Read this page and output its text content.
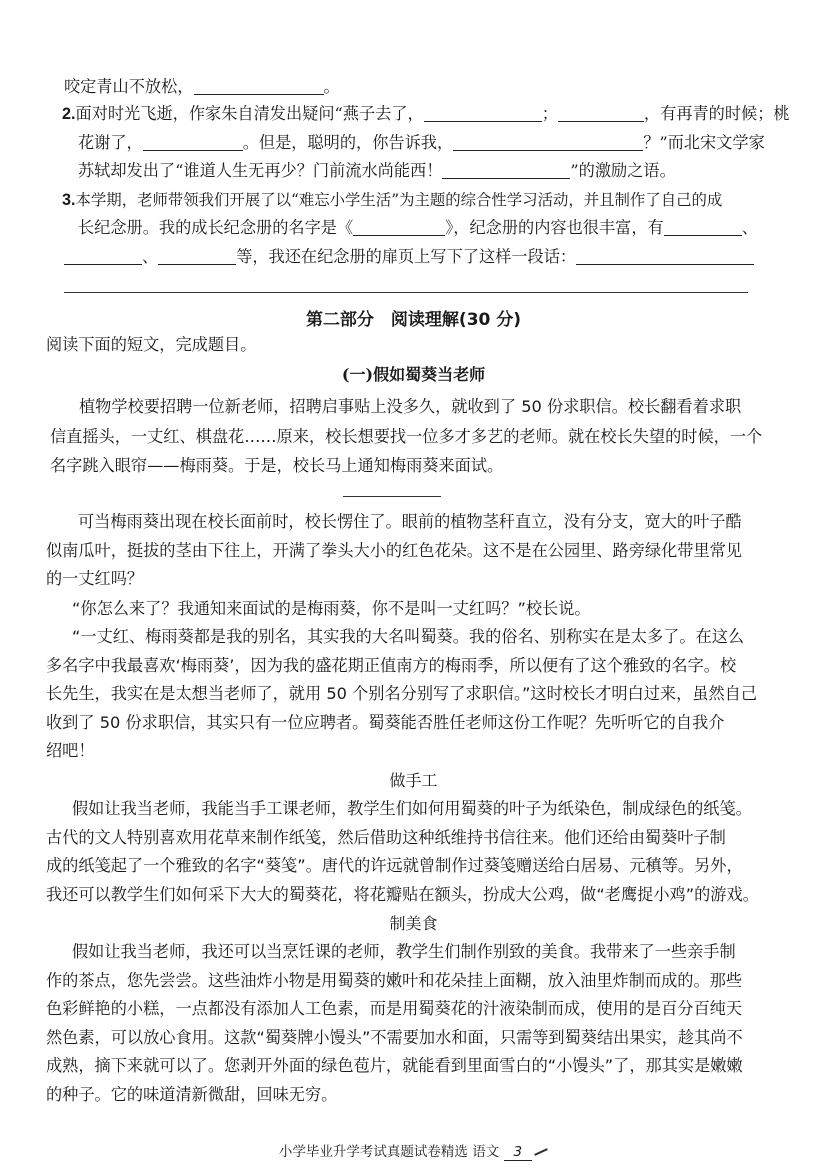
咬定青山不放松，	。
2.面对时光飞逝，作家朱自清发出疑问“燕子去了，	；	，有再青的时候；桃
花谢了，	。但是，聪明的，你告诉我，	？”而北宋文学家
苏轼却发出了“谁道人生无再少？门前流水尚能西！	”的激励之语。
3.本学期，老师带领我们开展了以“难忘小学生活”为主题的综合性学习活动，并且制作了自己的成
长纪念册。我的成长纪念册的名字是《	》，纪念册的内容也很丰富，有	、
、	等，我还在纪念册的扉页上写下了这样一段话：
第二部分　阅读理解(30 分)
阅读下面的短文，完成题目。
(一)假如蜀葵当老师
植物学校要招聘一位新老师，招聘启事贴上没多久，就收到了 50 份求职信。校长翻看着求职
信直摇头，一丈红、棋盘花……原来，校长想要找一位多才多艺的老师。就在校长失望的时候，一个
名字跳入眼帘——梅雨葵。于是，校长马上通知梅雨葵来面试。
可当梅雨葵出现在校长面前时，校长愣住了。眼前的植物茎秆直立，没有分支，宽大的叶子酷
似南瓜叶，挺拔的茎由下往上，开满了拳头大小的红色花朵。这不是在公园里、路旁绿化带里常见
的一丈红吗？
“你怎么来了？我通知来面试的是梅雨葵，你不是叫一丈红吗？”校长说。
“一丈红、梅雨葵都是我的别名，其实我的大名叫蜀葵。我的俗名、别称实在是太多了。在这么
多名字中我最喜欢‘梅雨葵’，因为我的盛花期正值南方的梅雨季，所以便有了这个雅致的名字。校
长先生，我实在是太想当老师了，就用 50 个别名分别写了求职信。”这时校长才明白过来，虽然自己
收到了 50 份求职信，其实只有一位应聘者。蜀葵能否胜任老师这份工作呢？先听听它的自我介
绍吧！
做手工
假如让我当老师，我能当手工课老师，教学生们如何用蜀葵的叶子为纸染色，制成绿色的纸笺。
古代的文人特别喜欢用花草来制作纸笺，然后借助这种纸维持书信往来。他们还给由蜀葵叶子制
成的纸笺起了一个雅致的名字“葵笺”。唐代的许远就曾制作过葵笺赠送给白居易、元稹等。另外，
我还可以教学生们如何采下大大的蜀葵花，将花瓣贴在额头，扮成大公鸡，做“老鹰捉小鸡”的游戏。
制美食
假如让我当老师，我还可以当烹饪课的老师，教学生们制作别致的美食。我带来了一些亲手制
作的茶点，您先尝尝。这些油炸小物是用蜀葵的嫩叶和花朵挂上面糊，放入油里炸制而成的。那些
色彩鲜艳的小糕，一点都没有添加人工色素，而是用蜀葵花的汁液染制而成，使用的是百分百纯天
然色素，可以放心食用。这款“蜀葵牌小馒头”不需要加水和面，只需等到蜀葵结出果实，趁其尚不
成熟，摘下来就可以了。您剥开外面的绿色苞片，就能看到里面雪白的“小馒头”了，那其实是嫩嫩
的种子。它的味道清新微甜，回味无穷。
小学毕业升学考试真题试卷精选 语文 3
